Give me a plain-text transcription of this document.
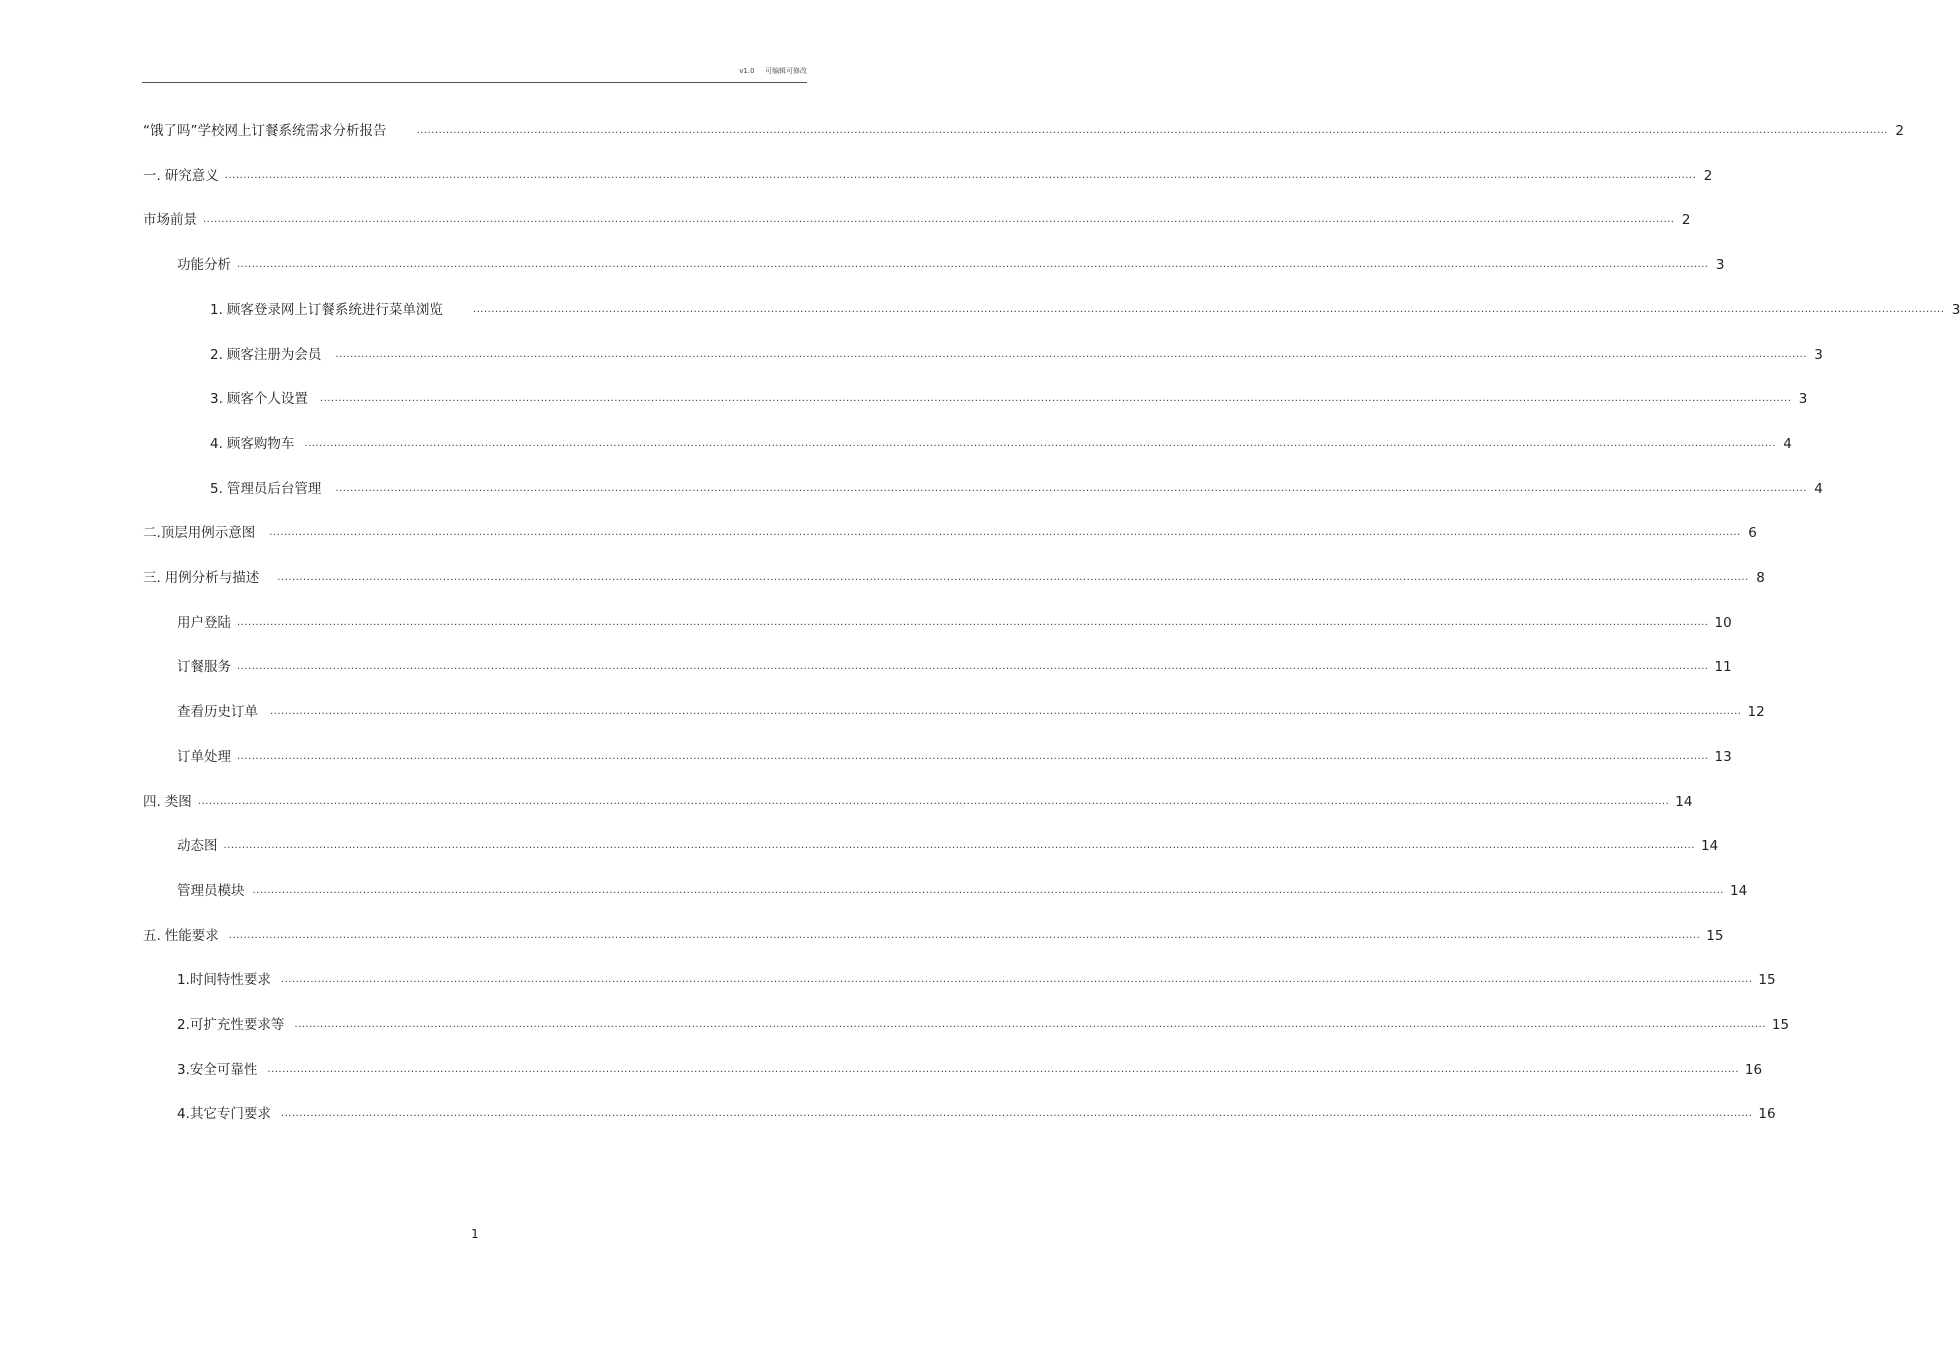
v1.0 可编辑可修改
“饿了吗”学校网上订餐系统需求分析报告	................................................................................................................................................................................................................................................................................................................................................................................................................ 2
一. 研究意义 ................................................................................................................................................................................................................................................................................................................................................................................................................ 2
市场前景 ................................................................................................................................................................................................................................................................................................................................................................................................................ 2
功能分析 ................................................................................................................................................................................................................................................................................................................................................................................................................ 3
1. 顾客登录网上订餐系统进行菜单浏览	................................................................................................................................................................................................................................................................................................................................................................................................................ 3
2. 顾客注册为会员 ................................................................................................................................................................................................................................................................................................................................................................................................................ 3
3. 顾客个人设置 ................................................................................................................................................................................................................................................................................................................................................................................................................ 3
4. 顾客购物车 ................................................................................................................................................................................................................................................................................................................................................................................................................ 4
5. 管理员后台管理 ................................................................................................................................................................................................................................................................................................................................................................................................................ 4
二. 顶层用例示意图 ................................................................................................................................................................................................................................................................................................................................................................................................................ 6
三. 用例分析与描述 ................................................................................................................................................................................................................................................................................................................................................................................................................ 8
用户登陆 ................................................................................................................................................................................................................................................................................................................................................................................................................ 10
订餐服务 ................................................................................................................................................................................................................................................................................................................................................................................................................ 11
查看历史订单 ................................................................................................................................................................................................................................................................................................................................................................................................................ 12
订单处理 ................................................................................................................................................................................................................................................................................................................................................................................................................ 13
四. 类图 ................................................................................................................................................................................................................................................................................................................................................................................................................ 14
动态图 ................................................................................................................................................................................................................................................................................................................................................................................................................ 14
管理员模块 ................................................................................................................................................................................................................................................................................................................................................................................................................ 14
五. 性能要求 ................................................................................................................................................................................................................................................................................................................................................................................................................ 15
1. 时间特性要求 ................................................................................................................................................................................................................................................................................................................................................................................................................ 15
2. 可扩充性要求等 ................................................................................................................................................................................................................................................................................................................................................................................................................ 15
3. 安全可靠性 ................................................................................................................................................................................................................................................................................................................................................................................................................ 16
4. 其它专门要求 ................................................................................................................................................................................................................................................................................................................................................................................................................ 16
1
